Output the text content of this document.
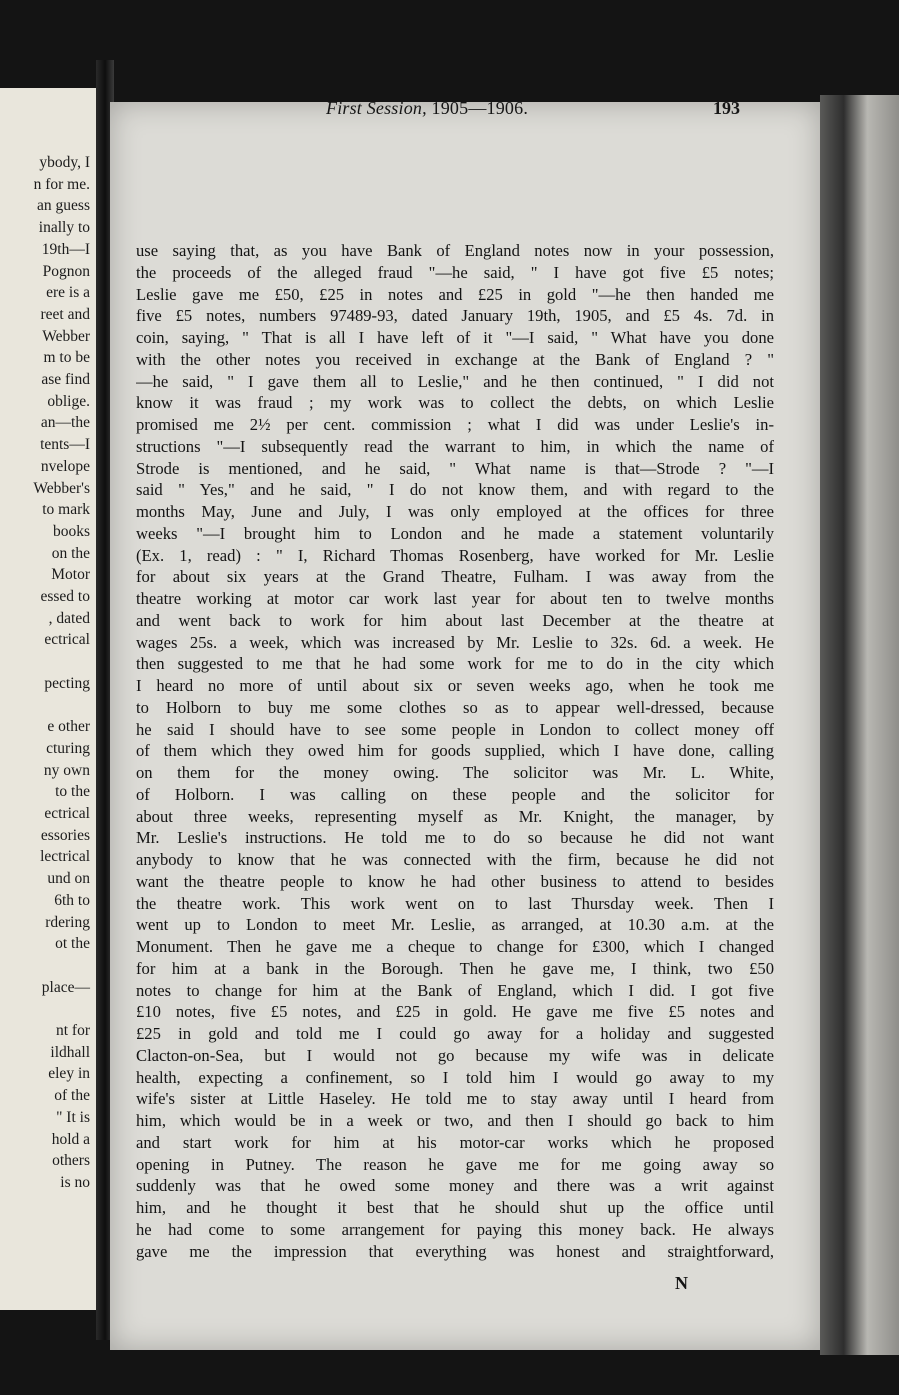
ybody, I
n for me.
an guess
inally to
19th—I
Pognon
ere is a
reet and
Webber
m to be
ase find
oblige.
an—the
tents—I
nvelope
Webber's
to mark
books
on the
Motor
essed to
, dated
ectrical
pecting
e other
cturing
ny own
to the
ectrical
essories
lectrical
und on
6th to
rdering
ot the
place—
nt for
ildhall
eley in
of the
" It is
hold a
others
is no
use saying that, as you have Bank of England notes now in your possession,
the proceeds of the alleged fraud "—he said, " I have got five £5 notes;
Leslie gave me £50, £25 in notes and £25 in gold "—he then handed me
five £5 notes, numbers 97489-93, dated January 19th, 1905, and £5 4s. 7d. in
coin, saying, " That is all I have left of it "—I said, " What have you done
with the other notes you received in exchange at the Bank of England ? "
—he said, " I gave them all to Leslie," and he then continued, " I did not
know it was fraud ; my work was to collect the debts, on which Leslie
promised me 2½ per cent. commission ; what I did was under Leslie's in-
structions "—I subsequently read the warrant to him, in which the name of
Strode is mentioned, and he said, " What name is that—Strode ? "—I
said " Yes," and he said, " I do not know them, and with regard to the
months May, June and July, I was only employed at the offices for three
weeks "—I brought him to London and he made a statement voluntarily
(Ex. 1, read) : " I, Richard Thomas Rosenberg, have worked for Mr. Leslie
for about six years at the Grand Theatre, Fulham. I was away from the
theatre working at motor car work last year for about ten to twelve months
and went back to work for him about last December at the theatre at
wages 25s. a week, which was increased by Mr. Leslie to 32s. 6d. a week. He
then suggested to me that he had some work for me to do in the city which
I heard no more of until about six or seven weeks ago, when he took me
to Holborn to buy me some clothes so as to appear well-dressed, because
he said I should have to see some people in London to collect money off
of them which they owed him for goods supplied, which I have done, calling
on them for the money owing. The solicitor was Mr. L. White,
of Holborn. I was calling on these people and the solicitor for
about three weeks, representing myself as Mr. Knight, the manager, by
Mr. Leslie's instructions. He told me to do so because he did not want
anybody to know that he was connected with the firm, because he did not
want the theatre people to know he had other business to attend to besides
the theatre work. This work went on to last Thursday week. Then I
went up to London to meet Mr. Leslie, as arranged, at 10.30 a.m. at the
Monument. Then he gave me a cheque to change for £300, which I changed
for him at a bank in the Borough. Then he gave me, I think, two £50
notes to change for him at the Bank of England, which I did. I got five
£10 notes, five £5 notes, and £25 in gold. He gave me five £5 notes and
£25 in gold and told me I could go away for a holiday and suggested
Clacton-on-Sea, but I would not go because my wife was in delicate
health, expecting a confinement, so I told him I would go away to my
wife's sister at Little Haseley. He told me to stay away until I heard from
him, which would be in a week or two, and then I should go back to him
and start work for him at his motor-car works which he proposed
opening in Putney. The reason he gave me for me going away so
suddenly was that he owed some money and there was a writ against
him, and he thought it best that he should shut up the office until
he had come to some arrangement for paying this money back. He always
gave me the impression that everything was honest and straightforward,
N
First Session, 1905—1906.	193
